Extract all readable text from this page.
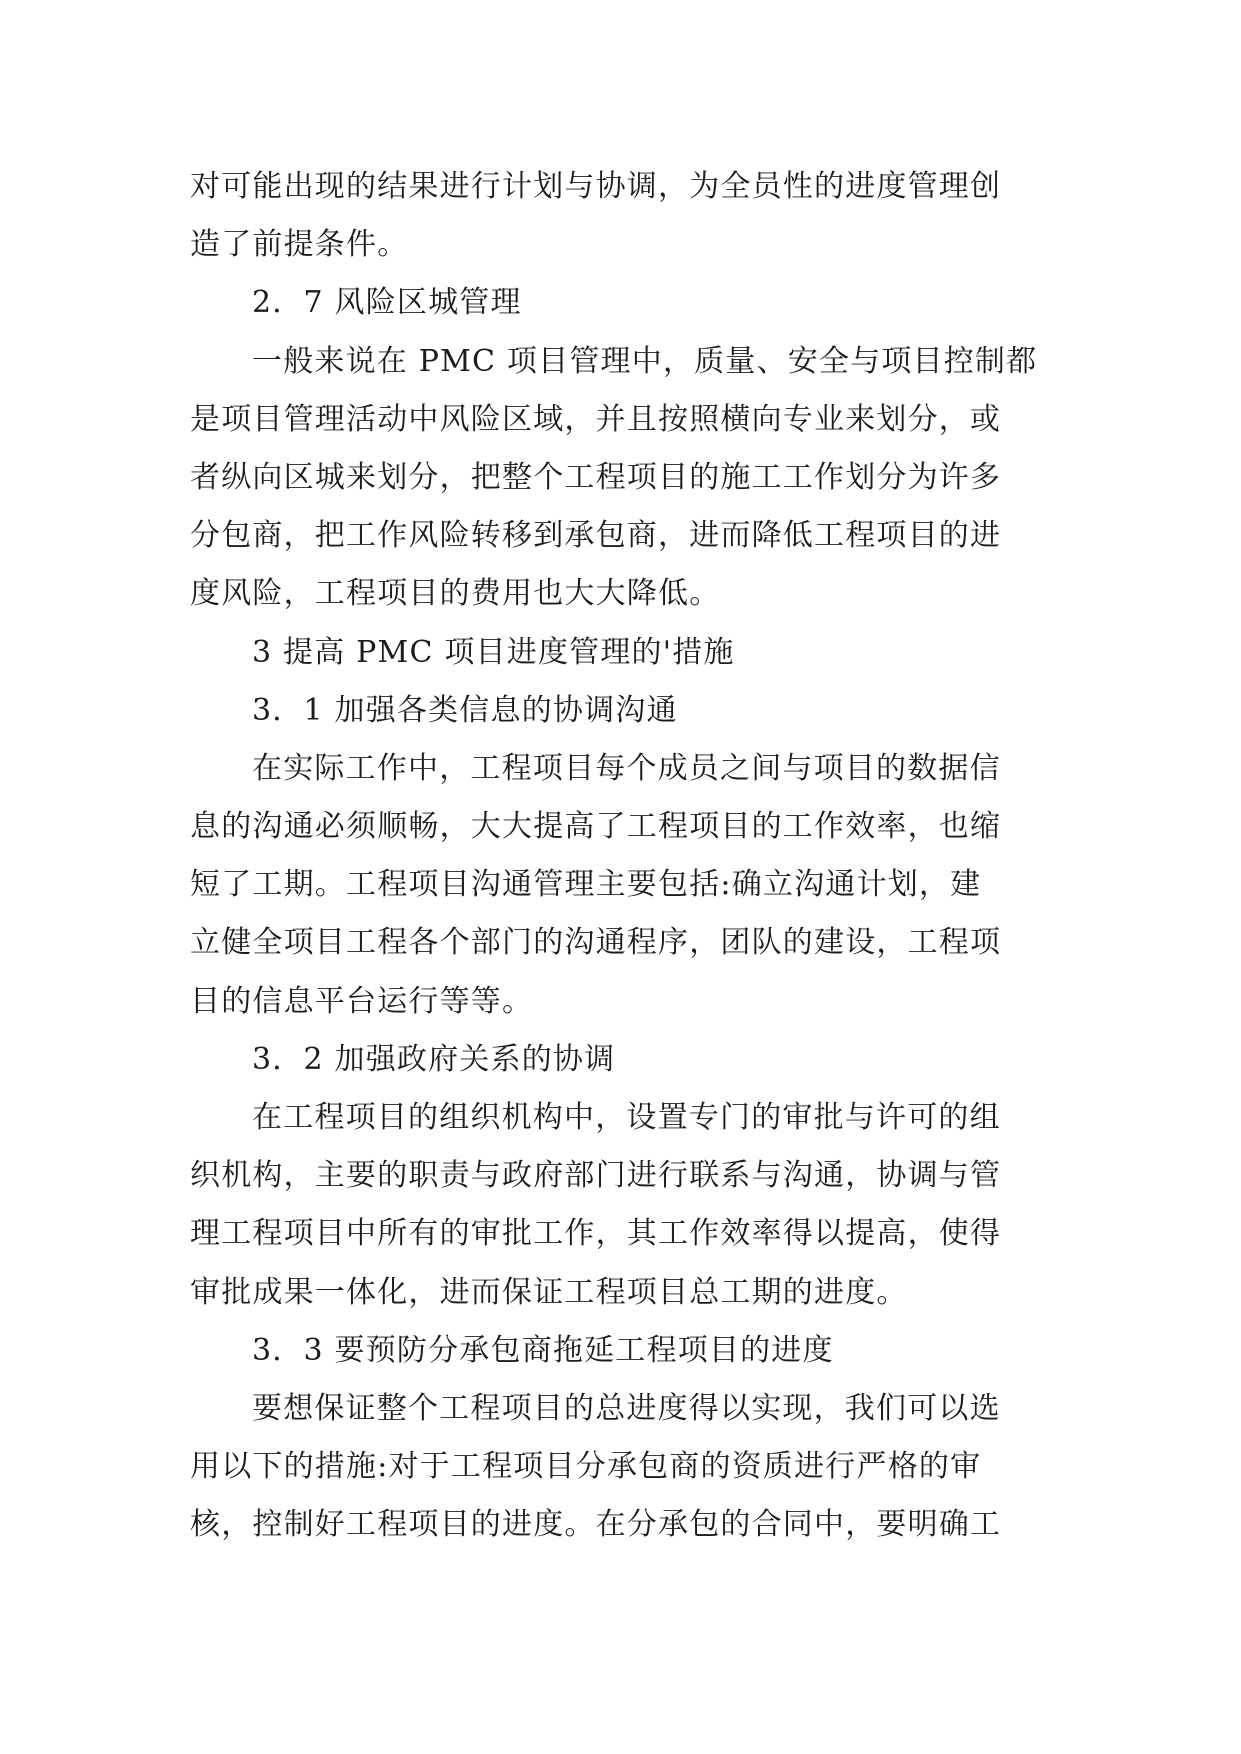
对可能出现的结果进行计划与协调，为全员性的进度管理创
造了前提条件。
2．7 风险区城管理
一般来说在 PMC 项目管理中，质量、安全与项目控制都
是项目管理活动中风险区域，并且按照横向专业来划分，或
者纵向区城来划分，把整个工程项目的施工工作划分为许多
分包商，把工作风险转移到承包商，进而降低工程项目的进
度风险，工程项目的费用也大大降低。
3 提高 PMC 项目进度管理的'措施
3．1 加强各类信息的协调沟通
在实际工作中，工程项目每个成员之间与项目的数据信
息的沟通必须顺畅，大大提高了工程项目的工作效率，也缩
短了工期。工程项目沟通管理主要包括:确立沟通计划，建
立健全项目工程各个部门的沟通程序，团队的建设，工程项
目的信息平台运行等等。
3．2 加强政府关系的协调
在工程项目的组织机构中，设置专门的审批与许可的组
织机构，主要的职责与政府部门进行联系与沟通，协调与管
理工程项目中所有的审批工作，其工作效率得以提高，使得
审批成果一体化，进而保证工程项目总工期的进度。
3．3 要预防分承包商拖延工程项目的进度
要想保证整个工程项目的总进度得以实现，我们可以选
用以下的措施:对于工程项目分承包商的资质进行严格的审
核，控制好工程项目的进度。在分承包的合同中，要明确工
